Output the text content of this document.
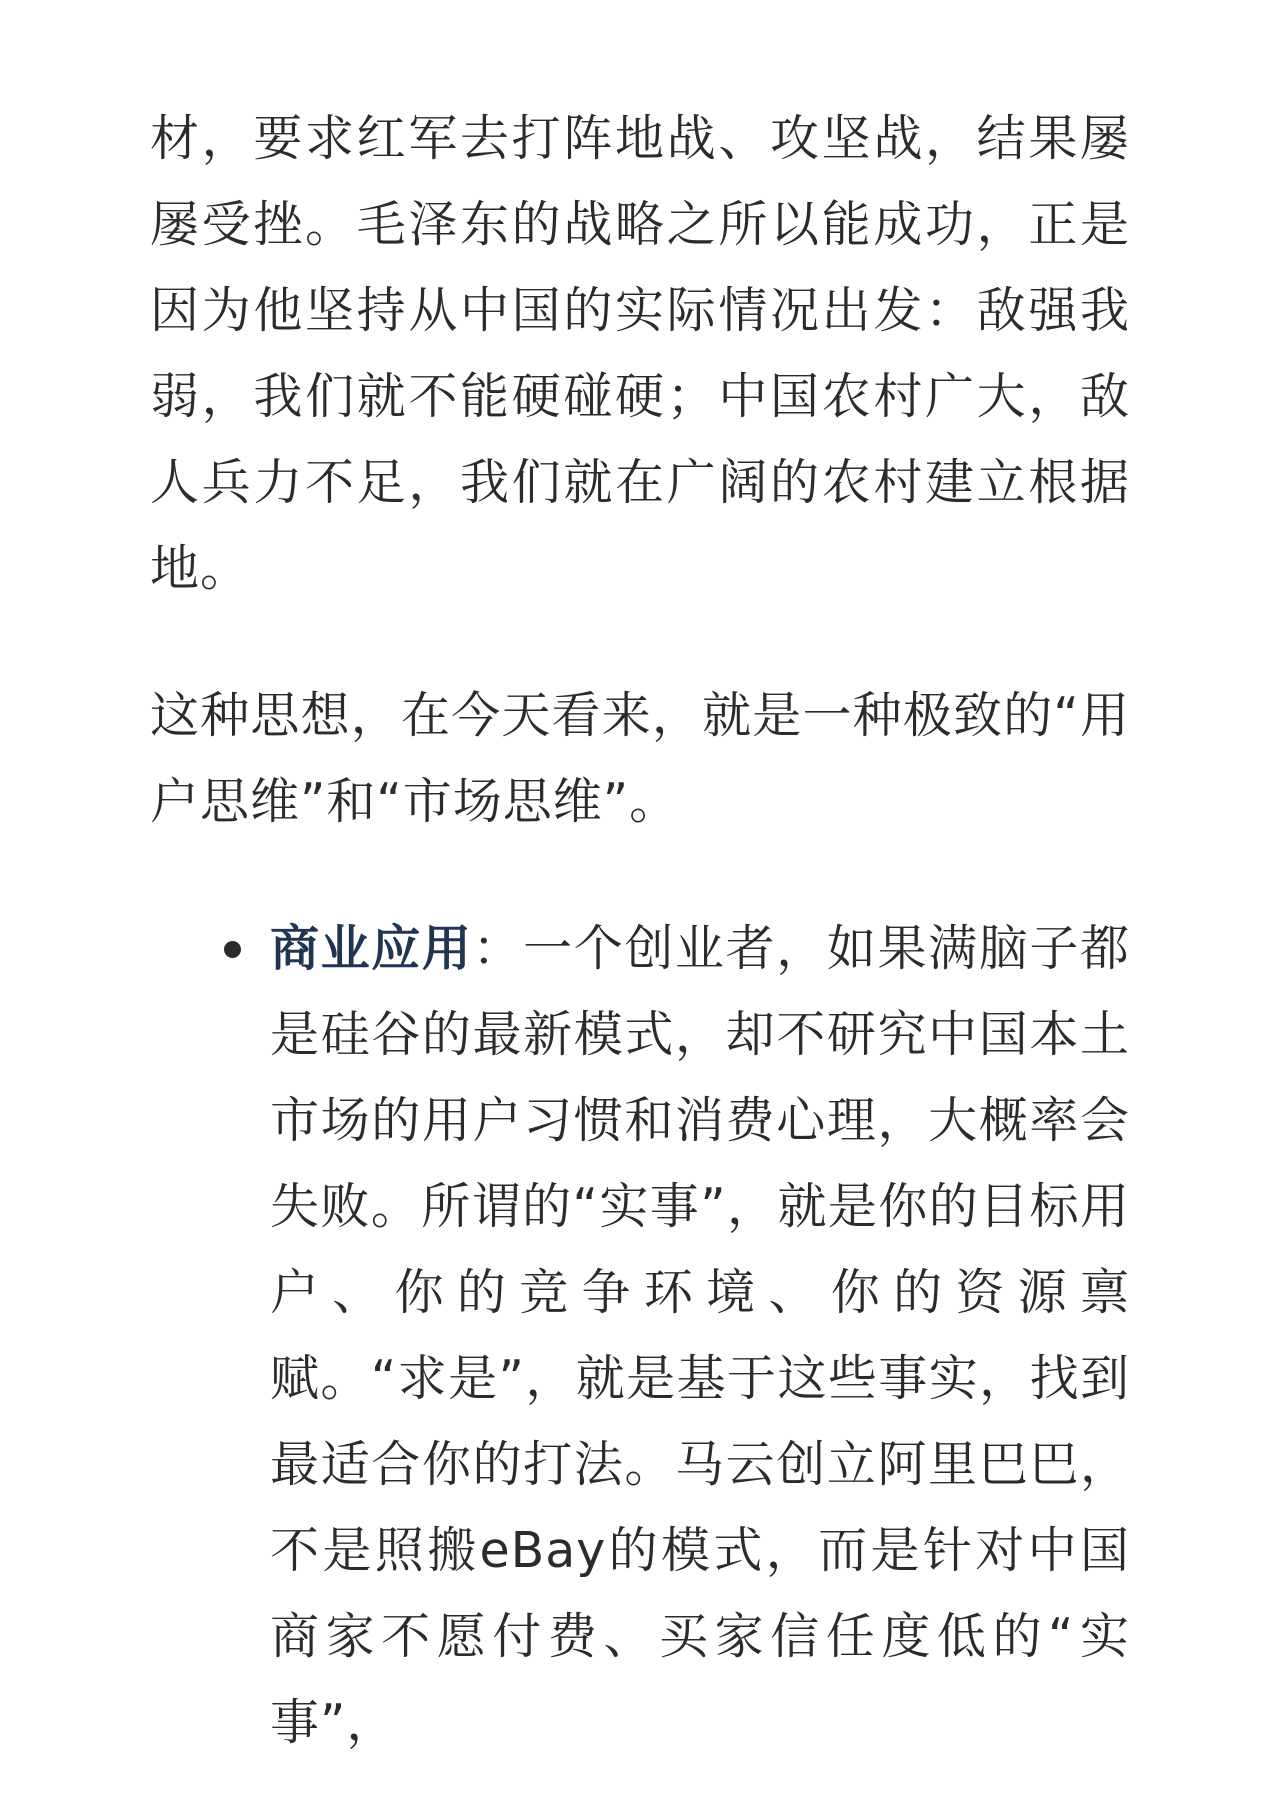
材，要求红军去打阵地战、攻坚战，结果屡屡受挫。毛泽东的战略之所以能成功，正是因为他坚持从中国的实际情况出发：敌强我弱，我们就不能硬碰硬；中国农村广大，敌人兵力不足，我们就在广阔的农村建立根据地。

这种思想，在今天看来，就是一种极致的“用户思维”和“市场思维”。

商业应用：一个创业者，如果满脑子都是硅谷的最新模式，却不研究中国本土市场的用户习惯和消费心理，大概率会失败。所谓的“实事”，就是你的目标用户、你的竞争环境、你的资源禀赋。“求是”，就是基于这些事实，找到最适合你的打法。马云创立阿里巴巴，不是照搬eBay的模式，而是针对中国商家不愿付费、买家信任度低的“实事”，
